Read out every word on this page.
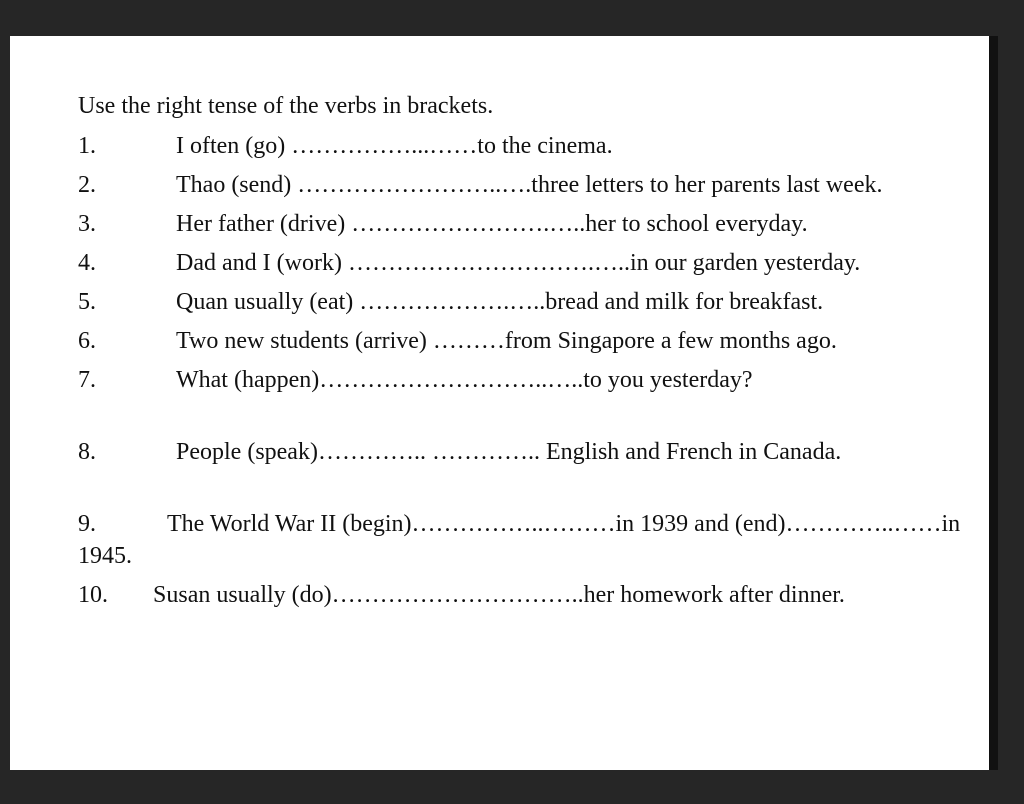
Use the right tense of the verbs in brackets.

1.	I often (go) ……………...……to the cinema.

2.	Thao (send) ……………………..….three letters to her parents last week.

3.	Her father (drive) …………………….…..her to school everyday.

4.	Dad and I (work) ………………………….…..in our garden yesterday.

5.	Quan usually (eat) ……………….…..bread and milk for breakfast.

6.	Two new students (arrive) ………from Singapore a few months ago.

7.	What (happen)………………………..…..to you yesterday?

8.	People (speak)………….. ………….. English and French in Canada.

9.	The World War II (begin)……………..………in 1939 and (end)…………..……in 1945.

10. Susan usually (do)…………………………..her homework after dinner.
